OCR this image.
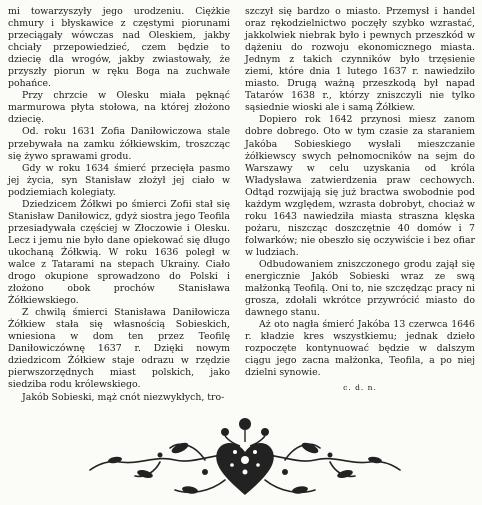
mi towarzyszyły jego urodzeniu. Ciężkie chmury i błyskawice z częstymi piorunami przeciągały wówczas nad Oleskiem, jakby chciały przepowiedzieć, czem będzie to dziecię dla wrogów, jakby zwiastowały, że przyszły piorun w ręku Boga na zuchwałe pohańce.

Przy chrzcie w Olesku miała pęknąć marmurowa płyta stołowa, na której złożono dziecię.

Od. roku 1631 Zofia Daniłowiczowa stale przebywała na zamku żółkiewskim, troszcząc się żywo sprawami grodu.

Gdy w roku 1634 śmierć przecięła pasmo jej życia, syn Stanisław złożył jej ciało w podziemiach kolegiaty.

Dziedzicem Żółkwi po śmierci Zofii stał się Stanisław Daniłowicz, gdyż siostra jego Teofila przesiadywała częściej w Złoczowie i Olesku. Lecz i jemu nie było dane opiekować się długo ukochaną Żółkwią. W roku 1636 poległ w walce z Tatarami na stepach Ukrainy. Ciało drogo okupione sprowadzono do Polski i złożono obok prochów Stanisława Żółkiewskiego.

Z chwilą śmierci Stanisława Daniłowicza Żółkiew stała się własnością Sobieskich, wniesiona w dom ten przez Teofilę Daniłowiczównę 1637 r. Dzięki nowym dziedzicom Żółkiew staje odrazu w rzędzie pierwszorzędnych miast polskich, jako siedziba rodu królewskiego.

Jakób Sobieski, mąż cnót niezwykłych, tro-

szczył się bardzo o miasto. Przemysł i handel oraz rękodzielnictwo poczęły szybko wzrastać, jakkolwiek niebrak było i pewnych przeszkód w dążeniu do rozwoju ekonomicznego miasta. Jednym z takich czynników było trzęsienie ziemi, które dnia 1 lutego 1637 r. nawiedziło miasto. Drugą ważną przeszkodą był napad Tatarów 1638 r., którzy zniszczyli nie tylko sąsiednie wioski ale i samą Żółkiew.

Dopiero rok 1642 przynosi miesz zanom dobre dobrego. Oto w tym czasie za staraniem Jakóba Sobieskiego wysłali mieszczanie żółkiewscy swych pełnomocników na sejm do Warszawy w celu uzyskania od króla Władysława zatwierdzenia praw cechowych. Odtąd rozwijają się już bractwa swobodnie pod każdym względem, wzrasta dobrobyt, chociaż w roku 1643 nawiedziła miasta straszna klęska pożaru, niszcząc doszczętnie 40 domów i 7 folwarków; nie obeszło się oczywiście i bez ofiar w ludziach.

Odbudowaniem zniszczonego grodu zajął się energicznie Jakób Sobieski wraz ze swą małżonką Teofilą. Oni to, nie szczędząc pracy ni grosza, zdołali wkrótce przywrócić miasto do dawnego stanu.

Aż oto nagła śmierć Jakóba 13 czerwca 1646 r. kładzie kres wszystkiemu; jednak dzieło rozpoczęte kontynuować będzie w dalszym ciągu jego zacna małżonka, Teofila, a po niej dzielni synowie.

c. d. n.
